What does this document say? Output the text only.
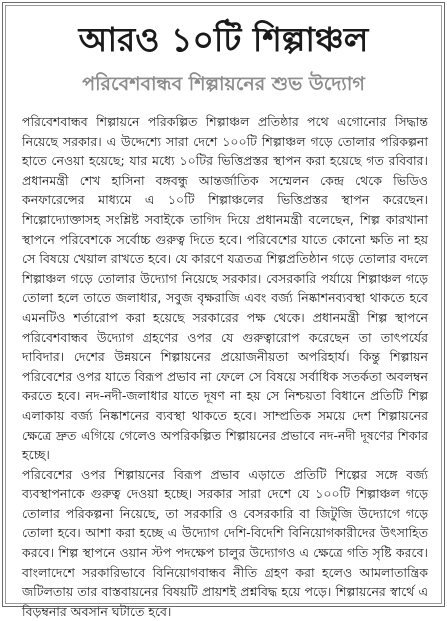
আরও ১০টি শিল্পাঞ্চল
পরিবেশবান্ধব শিল্পায়নের শুভ উদ্যোগ

পরিবেশবান্ধব শিল্পায়নে পরিকল্পিত শিল্পাঞ্চল প্রতিষ্ঠার পথে এগোনোর সিদ্ধান্ত নিয়েছে সরকার। এ উদ্দেশ্যে সারা দেশে ১০০টি শিল্পাঞ্চল গড়ে তোলার পরিকল্পনা হাতে নেওয়া হয়েছে; যার মধ্যে ১০টির ভিত্তিপ্রস্তর স্থাপন করা হয়েছে গত রবিবার। প্রধানমন্ত্রী শেখ হাসিনা বঙ্গবন্ধু আন্তর্জাতিক সম্মেলন কেন্দ্র থেকে ভিডিও কনফারেন্সের মাধ্যমে এ ১০টি শিল্পাঞ্চলের ভিত্তিপ্রস্তর স্থাপন করেছেন। শিল্পোদ্যোক্তাসহ সংশ্লিষ্ট সবাইকে তাগিদ দিয়ে প্রধানমন্ত্রী বলেছেন, শিল্প কারখানা স্থাপনে পরিবেশকে সর্বোচ্চ গুরুত্ব দিতে হবে। পরিবেশের যাতে কোনো ক্ষতি না হয় সে বিষয়ে খেয়াল রাখতে হবে। যে কারণে যত্রতত্র শিল্পপ্রতিষ্ঠান গড়ে তোলার বদলে শিল্পাঞ্চল গড়ে তোলার উদ্যোগ নিয়েছে সরকার। বেসরকারি পর্যায়ে শিল্পাঞ্চল গড়ে তোলা হলে তাতে জলাধার, সবুজ বৃক্ষরাজি এবং বর্জ্য নিষ্কাশনব্যবস্থা থাকতে হবে এমনটিও শর্তারোপ করা হয়েছে সরকারের পক্ষ থেকে। প্রধানমন্ত্রী শিল্প স্থাপনে পরিবেশবান্ধব উদ্যোগ গ্রহণের ওপর যে গুরুত্বারোপ করেছেন তা তাৎপর্যের দাবিদার। দেশের উন্নয়নে শিল্পায়নের প্রয়োজনীয়তা অপরিহার্য। কিন্তু শিল্পায়ন পরিবেশের ওপর যাতে বিরূপ প্রভাব না ফেলে সে বিষয়ে সর্বাধিক সতর্কতা অবলম্বন করতে হবে। নদ-নদী-জলাধার যাতে দূষণ না হয় সে নিশ্চয়তা বিধানে প্রতিটি শিল্প এলাকায় বর্জ্য নিষ্কাশনের ব্যবস্থা থাকতে হবে। সাম্প্রতিক সময়ে দেশ শিল্পায়নের ক্ষেত্রে দ্রুত এগিয়ে গেলেও অপরিকল্পিত শিল্পায়নের প্রভাবে নদ-নদী দূষণের শিকার হচ্ছে।

পরিবেশের ওপর শিল্পায়নের বিরূপ প্রভাব এড়াতে প্রতিটি শিল্পের সঙ্গে বর্জ্য ব্যবস্থাপনাকে গুরুত্ব দেওয়া হচ্ছে। সরকার সারা দেশে যে ১০০টি শিল্পাঞ্চল গড়ে তোলার পরিকল্পনা নিয়েছে, তা সরকারি ও বেসরকারি বা জিটুজি উদ্যোগে গড়ে তোলা হবে। আশা করা হচ্ছে এ উদ্যোগ দেশি-বিদেশি বিনিয়োগকারীদের উৎসাহিত করবে। শিল্প স্থাপনে ওয়ান স্টপ পদক্ষেপ চালুর উদ্যোগও এ ক্ষেত্রে গতি সৃষ্টি করবে। বাংলাদেশে সরকারিভাবে বিনিয়োগবান্ধব নীতি গ্রহণ করা হলেও আমলাতান্ত্রিক জটিলতায় তার বাস্তবায়নের বিষয়টি প্রায়শই প্রশ্নবিদ্ধ হয়ে পড়ে। শিল্পায়নের স্বার্থে এ বিড়ম্বনার অবসান ঘটাতে হবে।
